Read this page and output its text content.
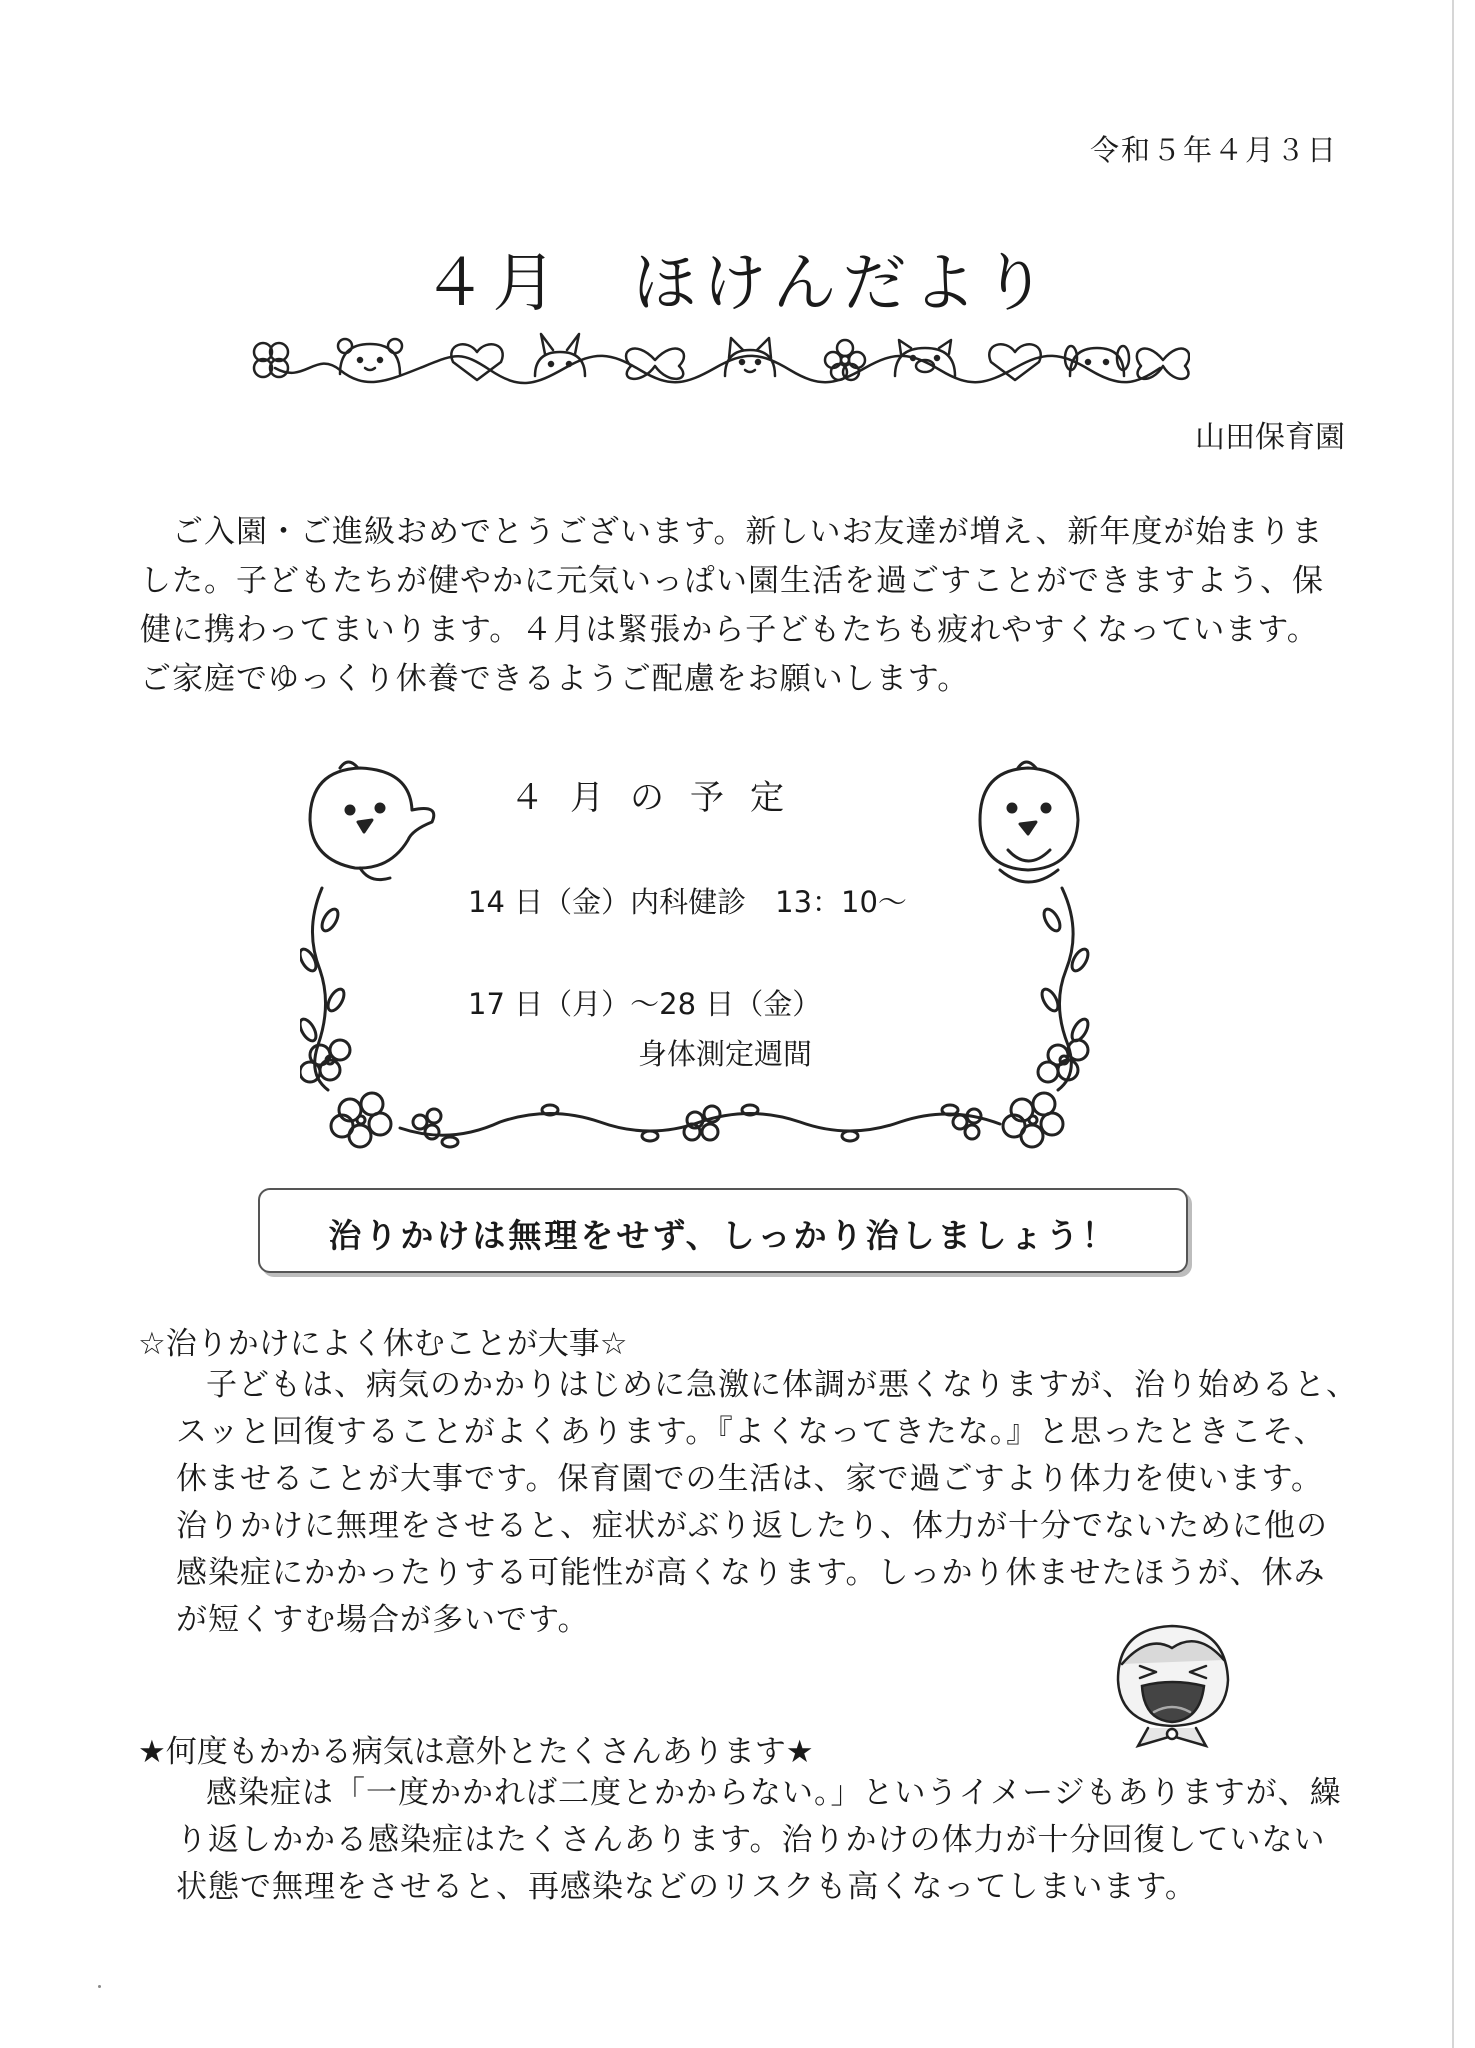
令和５年４月３日
４月　ほけんだより
山田保育園
ご入園・ご進級おめでとうございます。新しいお友達が増え、新年度が始まりま
した。子どもたちが健やかに元気いっぱい園生活を過ごすことができますよう、保
健に携わってまいります。４月は緊張から子どもたちも疲れやすくなっています。
ご家庭でゆっくり休養できるようご配慮をお願いします。
４月の予定
14 日（金）内科健診　13：10～
17 日（月）～28 日（金）
身体測定週間
治りかけは無理をせず、しっかり治しましょう！
☆治りかけによく休むことが大事☆
子どもは、病気のかかりはじめに急激に体調が悪くなりますが、治り始めると、
スッと回復することがよくあります。『よくなってきたな。』と思ったときこそ、
休ませることが大事です。保育園での生活は、家で過ごすより体力を使います。
治りかけに無理をさせると、症状がぶり返したり、体力が十分でないために他の
感染症にかかったりする可能性が高くなります。しっかり休ませたほうが、休み
が短くすむ場合が多いです。
★何度もかかる病気は意外とたくさんあります★
感染症は「一度かかれば二度とかからない。」というイメージもありますが、繰
り返しかかる感染症はたくさんあります。治りかけの体力が十分回復していない
状態で無理をさせると、再感染などのリスクも高くなってしまいます。
